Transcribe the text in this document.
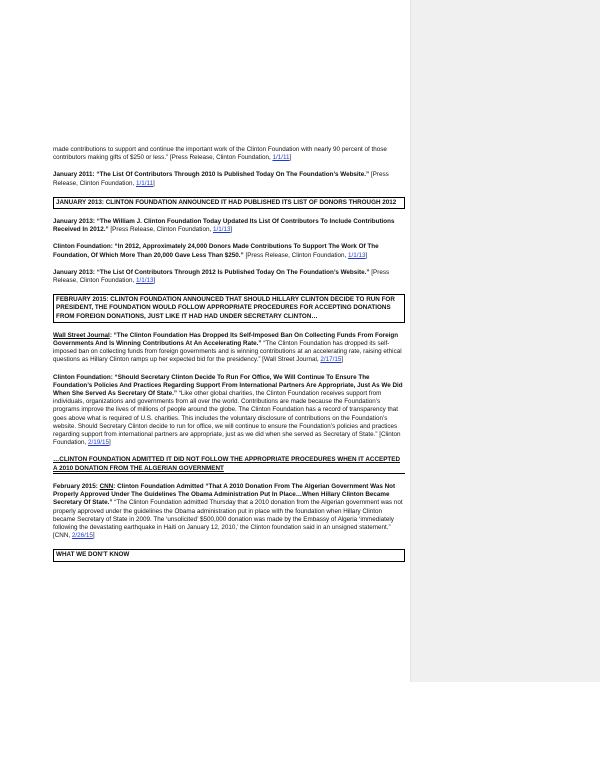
made contributions to support and continue the important work of the Clinton Foundation with nearly 90 percent of those contributors making gifts of $250 or less.” [Press Release, Clinton Foundation, 1/1/11]

January 2011: “The List Of Contributors Through 2010 Is Published Today On The Foundation’s Website.” [Press Release, Clinton Foundation, 1/1/11]

JANUARY 2013: CLINTON FOUNDATION ANNOUNCED IT HAD PUBLISHED ITS LIST OF DONORS THROUGH 2012

January 2013: “The William J. Clinton Foundation Today Updated Its List Of Contributors To Include Contributions Received In 2012.” [Press Release, Clinton Foundation, 1/1/13]

Clinton Foundation: “In 2012, Approximately 24,000 Donors Made Contributions To Support The Work Of The Foundation, Of Which More Than 20,000 Gave Less Than $250.” [Press Release, Clinton Foundation, 1/1/13]

January 2013: “The List Of Contributors Through 2012 Is Published Today On The Foundation’s Website.” [Press Release, Clinton Foundation, 1/1/13]

FEBRUARY 2015: CLINTON FOUNDATION ANNOUNCED THAT SHOULD HILLARY CLINTON DECIDE TO RUN FOR PRESIDENT, THE FOUNDATION WOULD FOLLOW APPROPRIATE PROCEDURES FOR ACCEPTING DONATIONS FROM FOREIGN DONATIONS, JUST LIKE IT HAD HAD UNDER SECRETARY CLINTON…

Wall Street Journal: “The Clinton Foundation Has Dropped Its Self-Imposed Ban On Collecting Funds From Foreign Governments And Is Winning Contributions At An Accelerating Rate.” “The Clinton Foundation has dropped its self-imposed ban on collecting funds from foreign governments and is winning contributions at an accelerating rate, raising ethical questions as Hillary Clinton ramps up her expected bid for the presidency.” [Wall Street Journal, 2/17/15]

Clinton Foundation: “Should Secretary Clinton Decide To Run For Office, We Will Continue To Ensure The Foundation’s Policies And Practices Regarding Support From International Partners Are Appropriate, Just As We Did When She Served As Secretary Of State.” “Like other global charities, the Clinton Foundation receives support from individuals, organizations and governments from all over the world. Contributions are made because the Foundation’s programs improve the lives of millions of people around the globe. The Clinton Foundation has a record of transparency that goes above what is required of U.S. charities. This includes the voluntary disclosure of contributions on the Foundation’s website. Should Secretary Clinton decide to run for office, we will continue to ensure the Foundation’s policies and practices regarding support from international partners are appropriate, just as we did when she served as Secretary of State.” [Clinton Foundation, 2/19/15]

…CLINTON FOUNDATION ADMITTED IT DID NOT FOLLOW THE APPROPRIATE PROCEDURES WHEN IT ACCEPTED A 2010 DONATION FROM THE ALGERIAN GOVERNMENT

February 2015: CNN: Clinton Foundation Admitted “That A 2010 Donation From The Algerian Government Was Not Properly Approved Under The Guidelines The Obama Administration Put In Place…When Hillary Clinton Became Secretary Of State.” “The Clinton Foundation admitted Thursday that a 2010 donation from the Algerian government was not properly approved under the guidelines the Obama administration put in place with the foundation when Hillary Clinton became Secretary of State in 2009. The ‘unsolicited’ $500,000 donation was made by the Embassy of Algeria ‘immediately following the devastating earthquake in Haiti on January 12, 2010,’ the Clinton foundation said in an unsigned statement.” [CNN, 2/26/15]

WHAT WE DON’T KNOW
